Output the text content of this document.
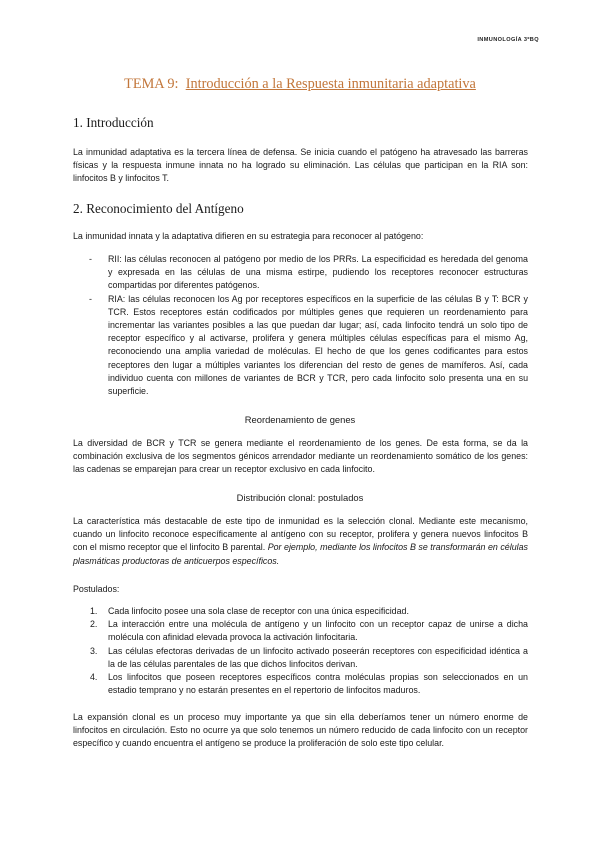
INMUNOLOGÍA 3ºBQ
TEMA 9: Introducción a la Respuesta inmunitaria adaptativa
1. Introducción

La inmunidad adaptativa es la tercera línea de defensa. Se inicia cuando el patógeno ha atravesado las barreras físicas y la respuesta inmune innata no ha logrado su eliminación. Las células que participan en la RIA son: linfocitos B y linfocitos T.

2. Reconocimiento del Antígeno

La inmunidad innata y la adaptativa difieren en su estrategia para reconocer al patógeno:

- RII: las células reconocen al patógeno por medio de los PRRs. La especificidad es heredada del genoma y expresada en las células de una misma estirpe, pudiendo los receptores reconocer estructuras compartidas por diferentes patógenos.
- RIA: las células reconocen los Ag por receptores específicos en la superficie de las células B y T: BCR y TCR. Estos receptores están codificados por múltiples genes que requieren un reordenamiento para incrementar las variantes posibles a las que puedan dar lugar; así, cada linfocito tendrá un solo tipo de receptor específico y al activarse, prolifera y genera múltiples células específicas para el mismo Ag, reconociendo una amplia variedad de moléculas. El hecho de que los genes codificantes para estos receptores den lugar a múltiples variantes los diferencian del resto de genes de mamíferos. Así, cada individuo cuenta con millones de variantes de BCR y TCR, pero cada linfocito solo presenta una en su superficie.
Reordenamiento de genes

La diversidad de BCR y TCR se genera mediante el reordenamiento de los genes. De esta forma, se da la combinación exclusiva de los segmentos génicos arrendador mediante un reordenamiento somático de los genes: las cadenas se emparejan para crear un receptor exclusivo en cada linfocito.

Distribución clonal: postulados

La característica más destacable de este tipo de inmunidad es la selección clonal. Mediante este mecanismo, cuando un linfocito reconoce específicamente al antígeno con su receptor, prolifera y genera nuevos linfocitos B con el mismo receptor que el linfocito B parental. Por ejemplo, mediante los linfocitos B se transformarán en células plasmáticas productoras de anticuerpos específicos.

Postulados:

1. Cada linfocito posee una sola clase de receptor con una única especificidad.
2. La interacción entre una molécula de antígeno y un linfocito con un receptor capaz de unirse a dicha molécula con afinidad elevada provoca la activación linfocitaria.
3. Las células efectoras derivadas de un linfocito activado poseerán receptores con especificidad idéntica a la de las células parentales de las que dichos linfocitos derivan.
4. Los linfocitos que poseen receptores específicos contra moléculas propias son seleccionados en un estadio temprano y no estarán presentes en el repertorio de linfocitos maduros.

La expansión clonal es un proceso muy importante ya que sin ella deberíamos tener un número enorme de linfocitos en circulación. Esto no ocurre ya que solo tenemos un número reducido de cada linfocito con un receptor específico y cuando encuentra el antígeno se produce la proliferación de solo este tipo celular.
